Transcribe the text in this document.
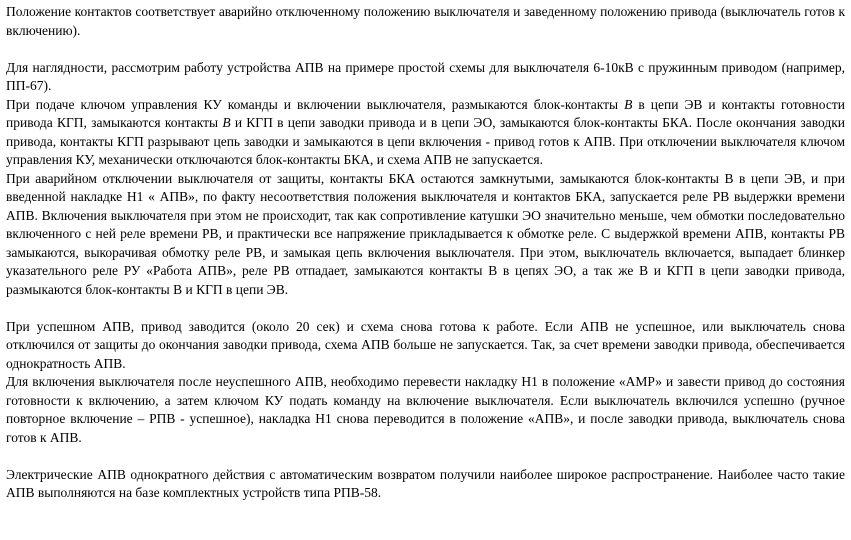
Положение контактов соответствует аварийно отключенному положению выключателя и заведенному положению привода (выключатель готов к включению).

Для наглядности, рассмотрим работу устройства АПВ на примере простой схемы для выключателя 6-10кВ с пружинным приводом (например, ПП-67).

При подаче ключом управления КУ команды и включении выключателя, размыкаются блок-контакты В в цепи ЭВ и контакты готовности привода КГП, замыкаются контакты В и КГП в цепи заводки привода и в цепи ЭО, замыкаются блок-контакты БКА. После окончания заводки привода, контакты КГП разрывают цепь заводки и замыкаются в цепи включения - привод готов к АПВ. При отключении выключателя ключом управления КУ, механически отключаются блок-контакты БКА, и схема АПВ не запускается.

При аварийном отключении выключателя от защиты, контакты БКА остаются замкнутыми, замыкаются блок-контакты В в цепи ЭВ, и при введенной накладке Н1 « АПВ», по факту несоответствия положения выключателя и контактов БКА, запускается реле РВ выдержки времени АПВ. Включения выключателя при этом не происходит, так как сопротивление катушки ЭО значительно меньше, чем обмотки последовательно включенного с ней реле времени РВ, и практически все напряжение прикладывается к обмотке реле. С выдержкой времени АПВ, контакты РВ замыкаются, выкорачивая обмотку реле РВ, и замыкая цепь включения выключателя. При этом, выключатель включается, выпадает блинкер указательного реле РУ «Работа АПВ», реле РВ отпадает, замыкаются контакты В в цепях ЭО, а так же В и КГП в цепи заводки привода, размыкаются блок-контакты В и КГП в цепи ЭВ.

При успешном АПВ, привод заводится (около 20 сек) и схема снова готова к работе. Если АПВ не успешное, или выключатель снова отключился от защиты до окончания заводки привода, схема АПВ больше не запускается. Так, за счет времени заводки привода, обеспечивается однократность АПВ.

Для включения выключателя после неуспешного АПВ, необходимо перевести накладку Н1 в положение «АМР» и завести привод до состояния готовности к включению, а затем ключом КУ подать команду на включение выключателя. Если выключатель включился успешно (ручное повторное включение – РПВ - успешное), накладка Н1 снова переводится в положение «АПВ», и после заводки привода, выключатель снова готов к АПВ.

Электрические АПВ однократного действия с автоматическим возвратом получили наиболее широкое распространение. Наиболее часто такие АПВ выполняются на базе комплектных устройств типа РПВ-58.
